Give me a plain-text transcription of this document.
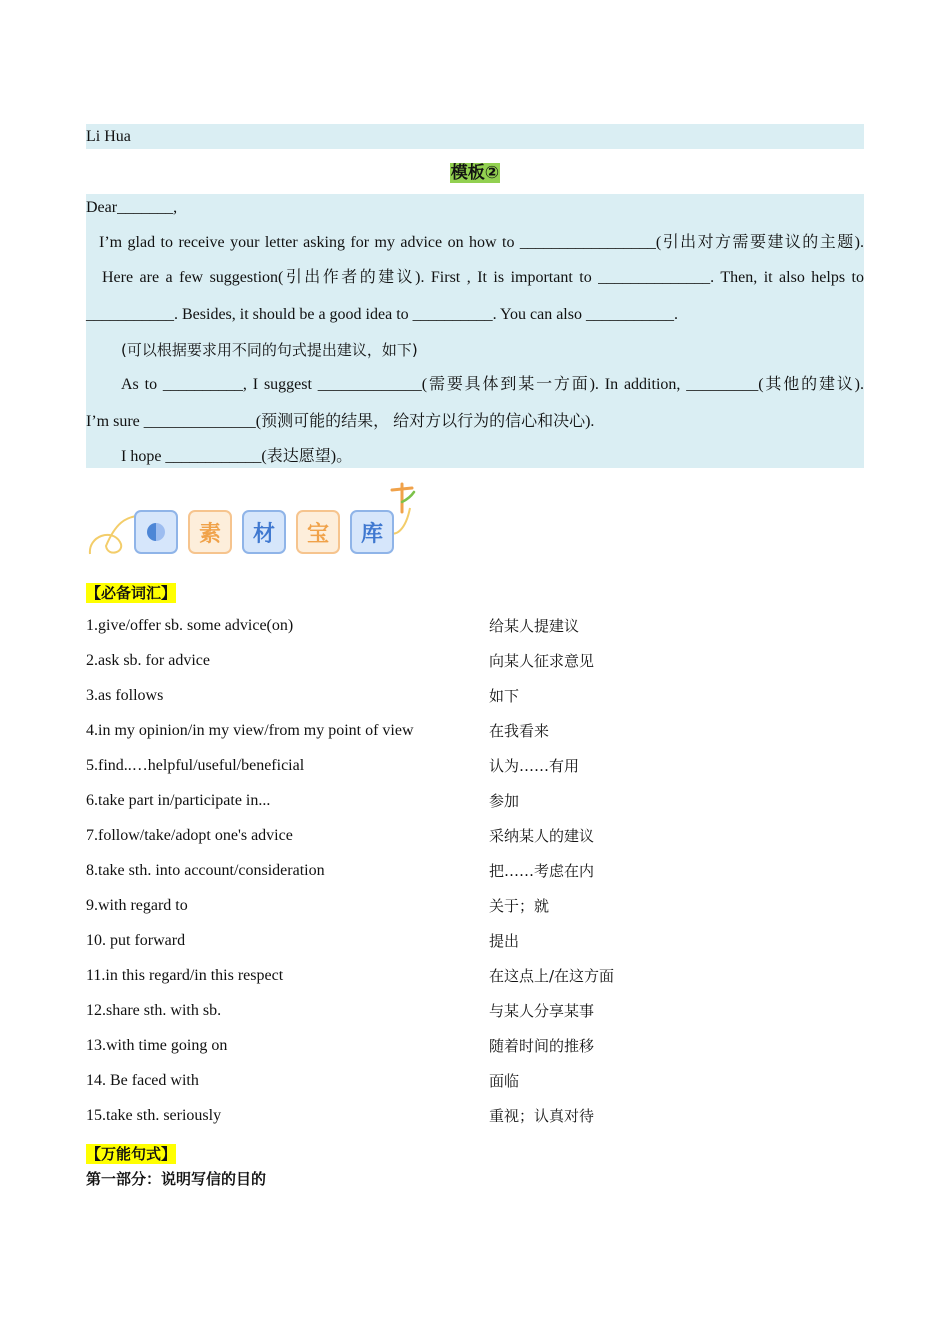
Li Hua
模板②
Dear_______,
I’m glad to receive your letter asking for my advice on how to _________________(引出对方需要建议的主题).
Here are a few suggestion(引出作者的建议). First , It is important to ______________. Then, it also helps to
___________. Besides, it should be a good idea to __________. You can also ___________.
(可以根据要求用不同的句式提出建议，如下)
As to __________, I suggest _____________(需要具体到某一方面). In addition, _________(其他的建议).
I’m sure ______________(预测可能的结果， 给对方以行为的信心和决心).
I hope ____________(表达愿望)。
素	材	宝	库
【必备词汇】
1.give/offer sb. some advice(on)	给某人提建议
2.ask sb. for advice	向某人征求意见
3.as follows	如下
4.in my opinion/in my view/from my point of view	在我看来
5.find..…helpful/useful/beneficial	认为……有用
6.take part in/participate in...	参加
7.follow/take/adopt one's advice	采纳某人的建议
8.take sth. into account/consideration	把……考虑在内
9.with regard to	关于；就
10. put forward	提出
11.in this regard/in this respect	在这点上/在这方面
12.share sth. with sb.	与某人分享某事
13.with time going on	随着时间的推移
14. Be faced with	面临
15.take sth. seriously	重视；认真对待
【万能句式】
第一部分：说明写信的目的
